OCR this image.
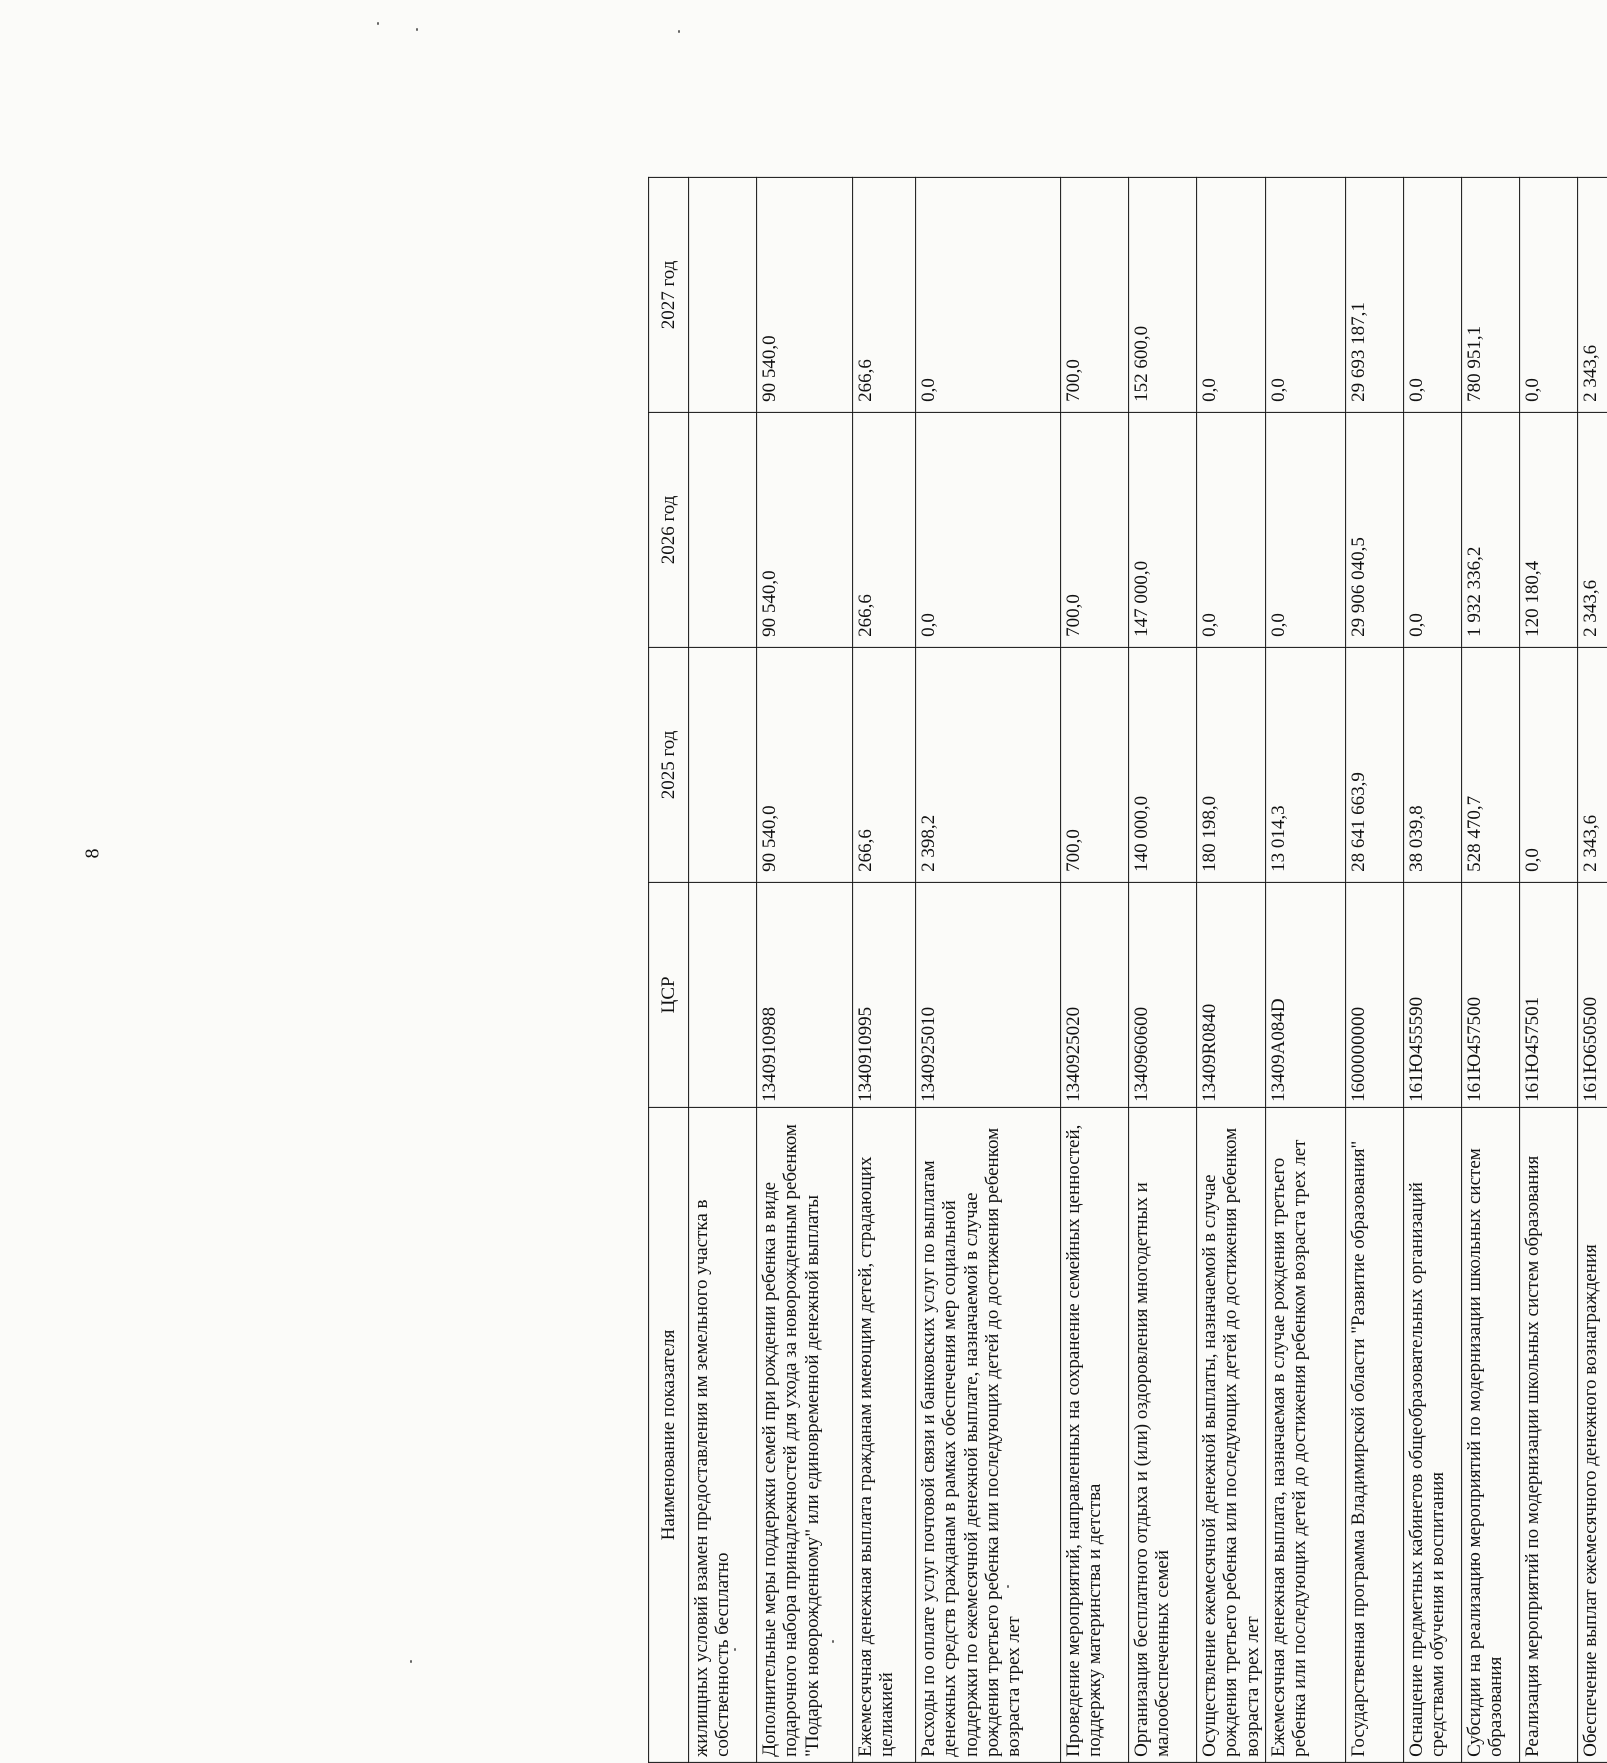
8
Наименование показателя	ЦСР	2025 год	2026 год	2027 год
жилищных условий взамен предоставления им земельного участка в собственность бесплатно				
Дополнительные меры поддержки семей при рождении ребенка в виде подарочного набора принадлежностей для ухода за новорожденным ребенком "Подарок новорожденному" или единовременной денежной выплаты	1340910988	90 540,0	90 540,0	90 540,0
Ежемесячная денежная выплата гражданам имеющим детей, страдающих целиакией	1340910995	266,6	266,6	266,6
Расходы по оплате услуг почтовой связи и банковских услуг по выплатам денежных средств гражданам в рамках обеспечения мер социальной поддержки по ежемесячной денежной выплате, назначаемой в случае рождения третьего ребенка или последующих детей до достижения ребенком возраста трех лет	1340925010	2 398,2	0,0	0,0
Проведение мероприятий, направленных на сохранение семейных ценностей, поддержку материнства и детства	1340925020	700,0	700,0	700,0
Организация бесплатного отдыха и (или) оздоровления многодетных и малообеспеченных семей	1340960600	140 000,0	147 000,0	152 600,0
Осуществление ежемесячной денежной выплаты, назначаемой в случае рождения третьего ребенка или последующих детей до достижения ребенком возраста трех лет	13409R0840	180 198,0	0,0	0,0
Ежемесячная денежная выплата, назначаемая в случае рождения третьего ребенка или последующих детей до достижения ребенком возраста трех лет	13409A084D	13 014,3	0,0	0,0
Государственная программа Владимирской области "Развитие образования"	1600000000	28 641 663,9	29 906 040,5	29 693 187,1
Оснащение предметных кабинетов общеобразовательных организаций средствами обучения и воспитания	161Ю455590	38 039,8	0,0	0,0
Субсидии на реализацию мероприятий по модернизации школьных систем образования	161Ю457500	528 470,7	1 932 336,2	780 951,1
Реализация мероприятий по модернизации школьных систем образования	161Ю457501	0,0	120 180,4	0,0
Обеспечение выплат ежемесячного денежного вознаграждения	161Ю650500	2 343,6	2 343,6	2 343,6
